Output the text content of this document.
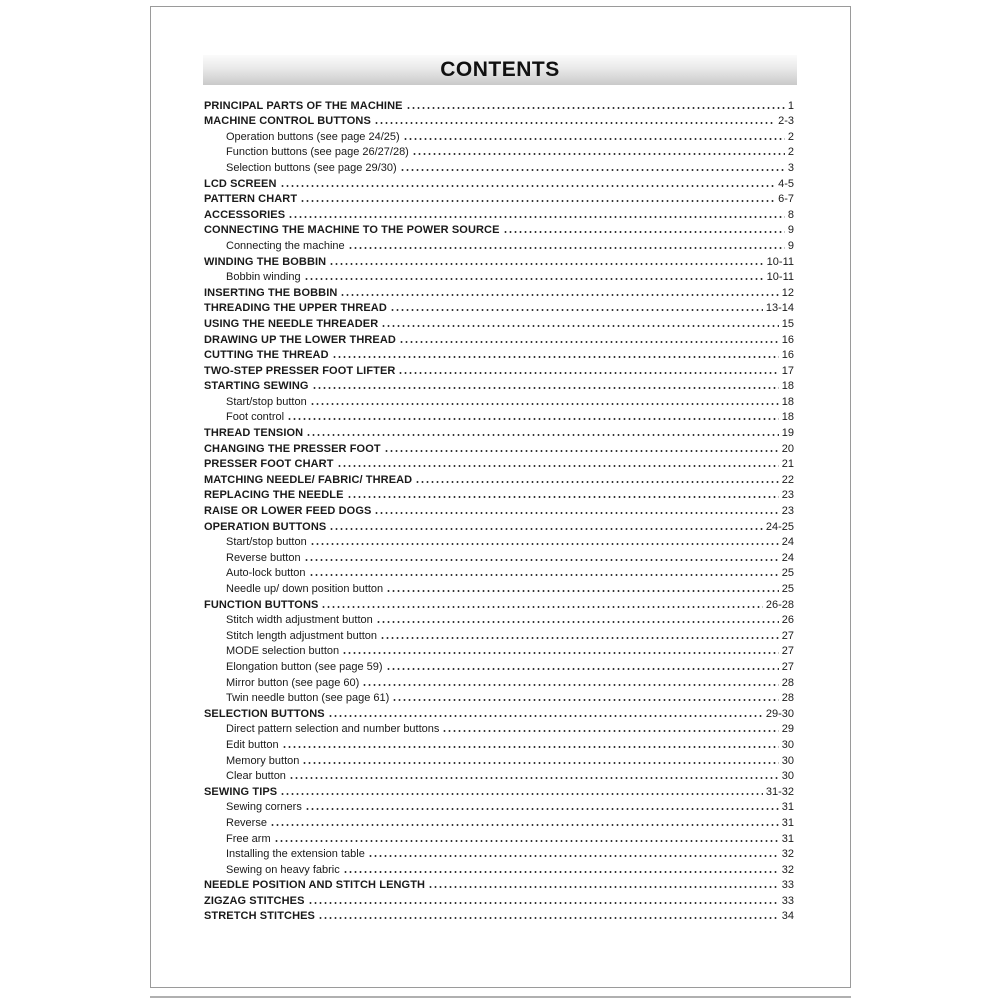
CONTENTS
PRINCIPAL PARTS OF THE MACHINE	1
MACHINE CONTROL BUTTONS	2-3
Operation buttons (see page 24/25)	2
Function buttons (see page 26/27/28)	2
Selection buttons (see page 29/30)	3
LCD SCREEN	4-5
PATTERN CHART	6-7
ACCESSORIES	8
CONNECTING THE MACHINE TO THE POWER SOURCE	9
Connecting the machine	9
WINDING THE BOBBIN	10-11
Bobbin winding	10-11
INSERTING THE BOBBIN	12
THREADING THE UPPER THREAD	13-14
USING THE NEEDLE THREADER	15
DRAWING UP THE LOWER THREAD	16
CUTTING THE THREAD	16
TWO-STEP PRESSER FOOT LIFTER	17
STARTING SEWING	18
Start/stop button	18
Foot control	18
THREAD TENSION	19
CHANGING THE PRESSER FOOT	20
PRESSER FOOT CHART	21
MATCHING NEEDLE/ FABRIC/ THREAD	22
REPLACING THE NEEDLE	23
RAISE OR LOWER FEED DOGS	23
OPERATION BUTTONS	24-25
Start/stop button	24
Reverse button	24
Auto-lock button	25
Needle up/ down position button	25
FUNCTION BUTTONS	26-28
Stitch width adjustment button	26
Stitch length adjustment button	27
MODE selection button	27
Elongation button (see page 59)	27
Mirror button (see page 60)	28
Twin needle button (see page 61)	28
SELECTION BUTTONS	29-30
Direct pattern selection and number buttons	29
Edit button	30
Memory button	30
Clear button	30
SEWING TIPS	31-32
Sewing corners	31
Reverse	31
Free arm	31
Installing the extension table	32
Sewing on heavy fabric	32
NEEDLE POSITION AND STITCH LENGTH	33
ZIGZAG STITCHES	33
STRETCH STITCHES	34
